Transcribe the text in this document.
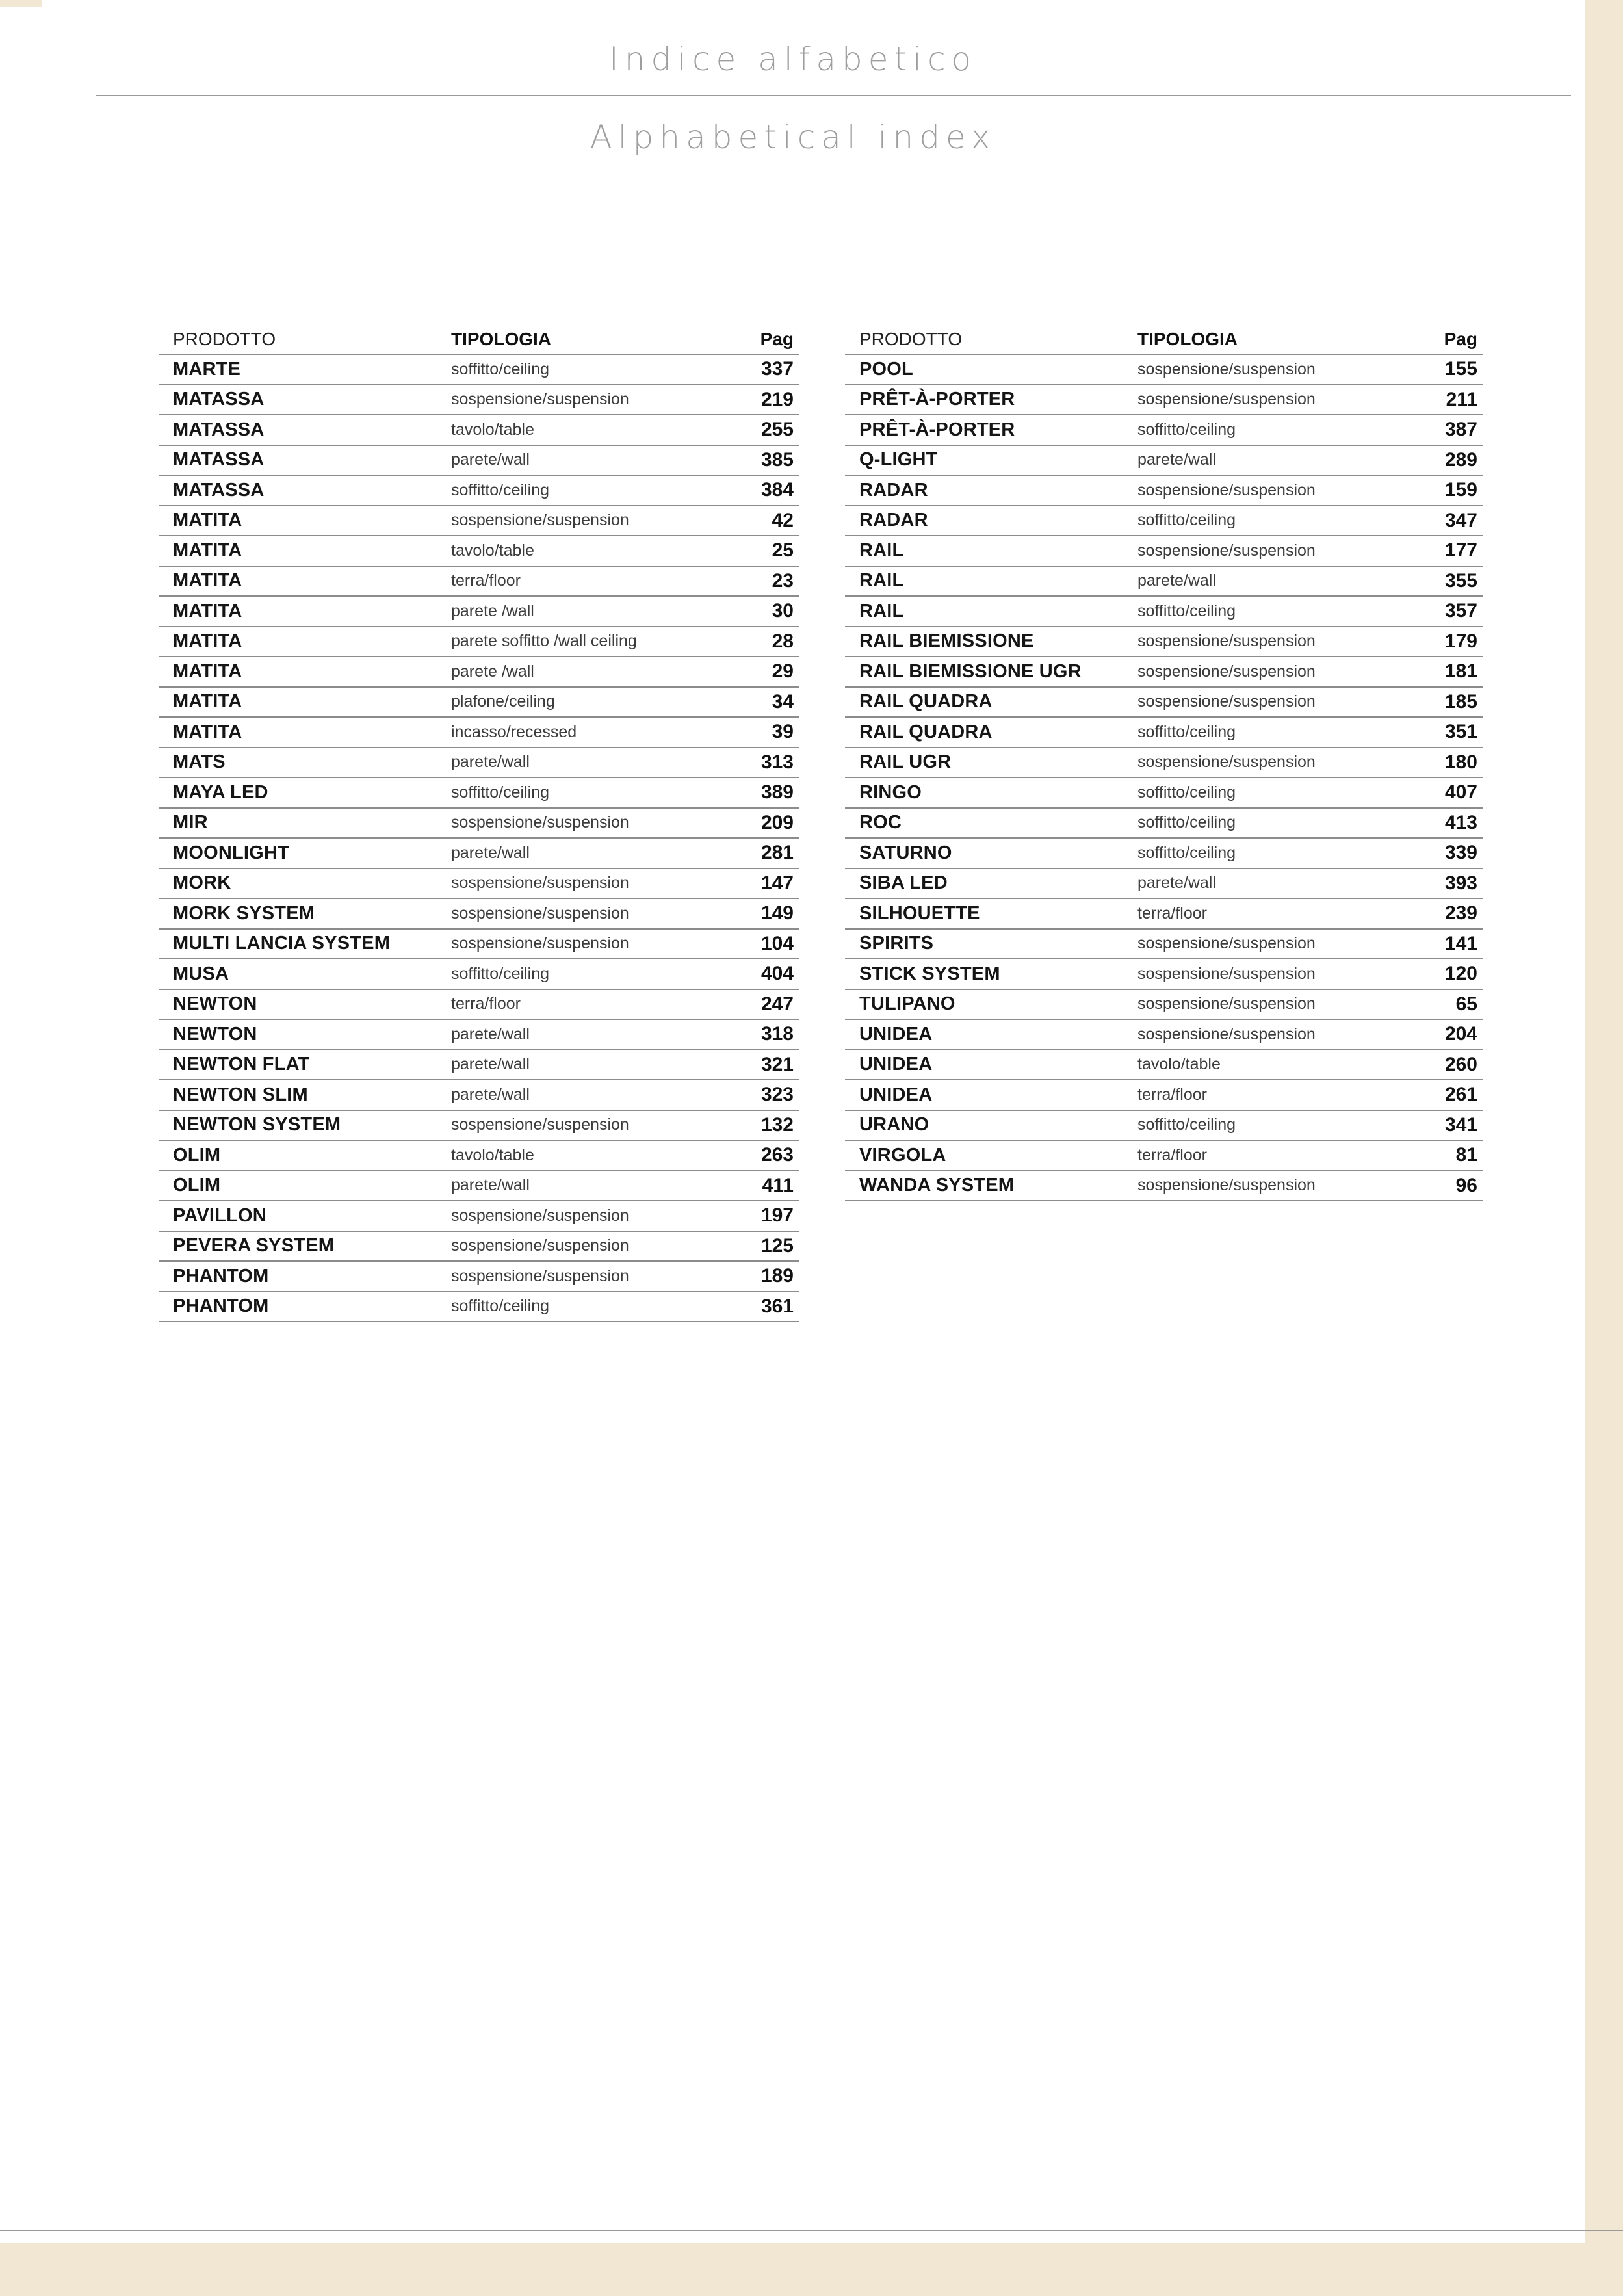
Indice alfabetico
Alphabetical index
PRODOTTO	TIPOLOGIA	Pag
MARTE	soffitto/ceiling	337
MATASSA	sospensione/suspension	219
MATASSA	tavolo/table	255
MATASSA	parete/wall	385
MATASSA	soffitto/ceiling	384
MATITA	sospensione/suspension	42
MATITA	tavolo/table	25
MATITA	terra/floor	23
MATITA	parete /wall	30
MATITA	parete soffitto /wall ceiling	28
MATITA	parete /wall	29
MATITA	plafone/ceiling	34
MATITA	incasso/recessed	39
MATS	parete/wall	313
MAYA LED	soffitto/ceiling	389
MIR	sospensione/suspension	209
MOONLIGHT	parete/wall	281
MORK	sospensione/suspension	147
MORK SYSTEM	sospensione/suspension	149
MULTI LANCIA SYSTEM	sospensione/suspension	104
MUSA	soffitto/ceiling	404
NEWTON	terra/floor	247
NEWTON	parete/wall	318
NEWTON FLAT	parete/wall	321
NEWTON SLIM	parete/wall	323
NEWTON SYSTEM	sospensione/suspension	132
OLIM	tavolo/table	263
OLIM	parete/wall	411
PAVILLON	sospensione/suspension	197
PEVERA SYSTEM	sospensione/suspension	125
PHANTOM	sospensione/suspension	189
PHANTOM	soffitto/ceiling	361
PRODOTTO	TIPOLOGIA	Pag
POOL	sospensione/suspension	155
PRÊT-À-PORTER	sospensione/suspension	211
PRÊT-À-PORTER	soffitto/ceiling	387
Q-LIGHT	parete/wall	289
RADAR	sospensione/suspension	159
RADAR	soffitto/ceiling	347
RAIL	sospensione/suspension	177
RAIL	parete/wall	355
RAIL	soffitto/ceiling	357
RAIL BIEMISSIONE	sospensione/suspension	179
RAIL BIEMISSIONE UGR	sospensione/suspension	181
RAIL QUADRA	sospensione/suspension	185
RAIL QUADRA	soffitto/ceiling	351
RAIL UGR	sospensione/suspension	180
RINGO	soffitto/ceiling	407
ROC	soffitto/ceiling	413
SATURNO	soffitto/ceiling	339
SIBA LED	parete/wall	393
SILHOUETTE	terra/floor	239
SPIRITS	sospensione/suspension	141
STICK SYSTEM	sospensione/suspension	120
TULIPANO	sospensione/suspension	65
UNIDEA	sospensione/suspension	204
UNIDEA	tavolo/table	260
UNIDEA	terra/floor	261
URANO	soffitto/ceiling	341
VIRGOLA	terra/floor	81
WANDA SYSTEM	sospensione/suspension	96
